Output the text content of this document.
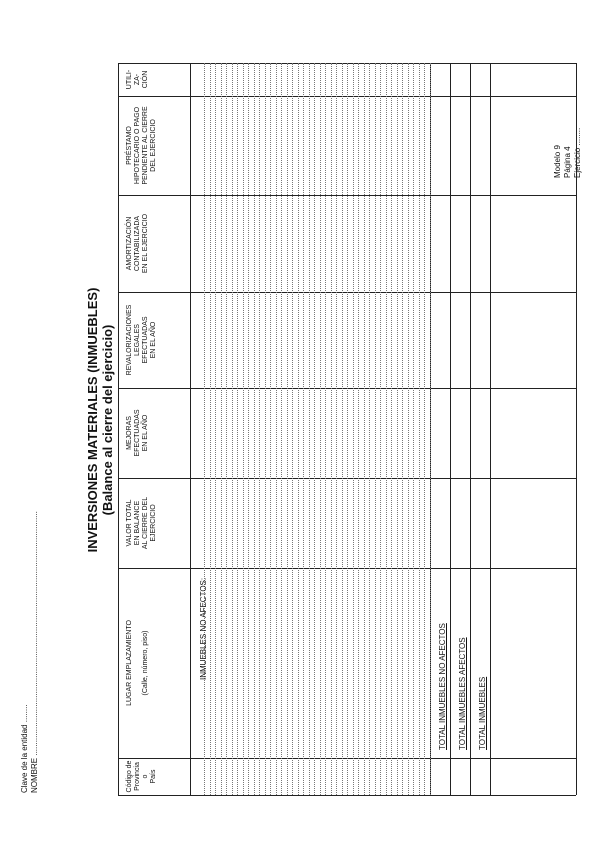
Clave de la entidad ........
NOMBRE ..............................................................................................................
Modelo 9 Página 4 Ejercicio ........
INVERSIONES MATERIALES (INMUEBLES) (Balance al cierre del ejercicio)
Código de Provincia o País
LUGAR EMPLAZAMIENTO
(Calle, número, piso)
VALOR TOTAL EN BALANCE AL CIERRE DEL EJERCICIO
MEJORAS EFECTUADAS EN EL AÑO
REVALORIZACIONES LEGALES EFECTUADAS EN EL AÑO
AMORTIZACIÓN CONTABILIZADA EN EL EJERCICIO
PRÉSTAMO HIPOTECARIO O PAGO PENDIENTE AL CIERRE DEL EJERCICIO
UTILI- ZA- CIÓN
INMUEBLES NO AFECTOS:	TOTAL INMUEBLES NO AFECTOS TOTAL INMUEBLES AFECTOS TOTAL INMUEBLES
